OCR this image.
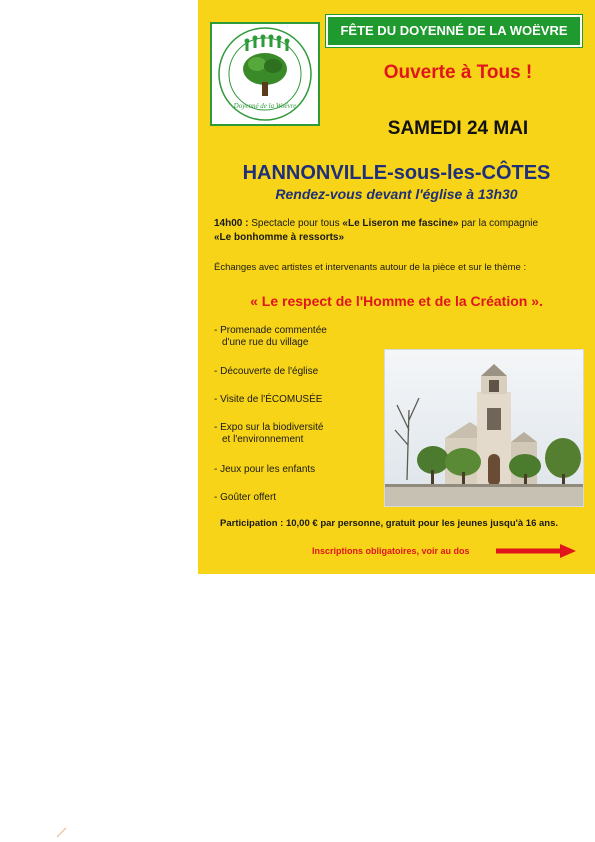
Doyenné de la Woëvre
FÊTE DU DOYENNÉ DE LA WOËVRE
Ouverte à Tous !
SAMEDI 24 MAI
HANNONVILLE-sous-les-CÔTES
Rendez-vous devant l'église à 13h30
14h00 : Spectacle pour tous «Le Liseron me fascine» par la compagnie
«Le bonhomme à ressorts»
Échanges avec artistes et intervenants autour de la pièce et sur le thème :
« Le respect de l'Homme et de la Création ».
- Promenade commentée
d'une rue du village
- Découverte de l'église
- Visite de l'ÉCOMUSÉE
- Expo sur la biodiversité
et l'environnement
- Jeux pour les enfants
- Goûter offert
Participation : 10,00 € par personne, gratuit pour les jeunes jusqu'à 16 ans.
Inscriptions obligatoires, voir au dos
